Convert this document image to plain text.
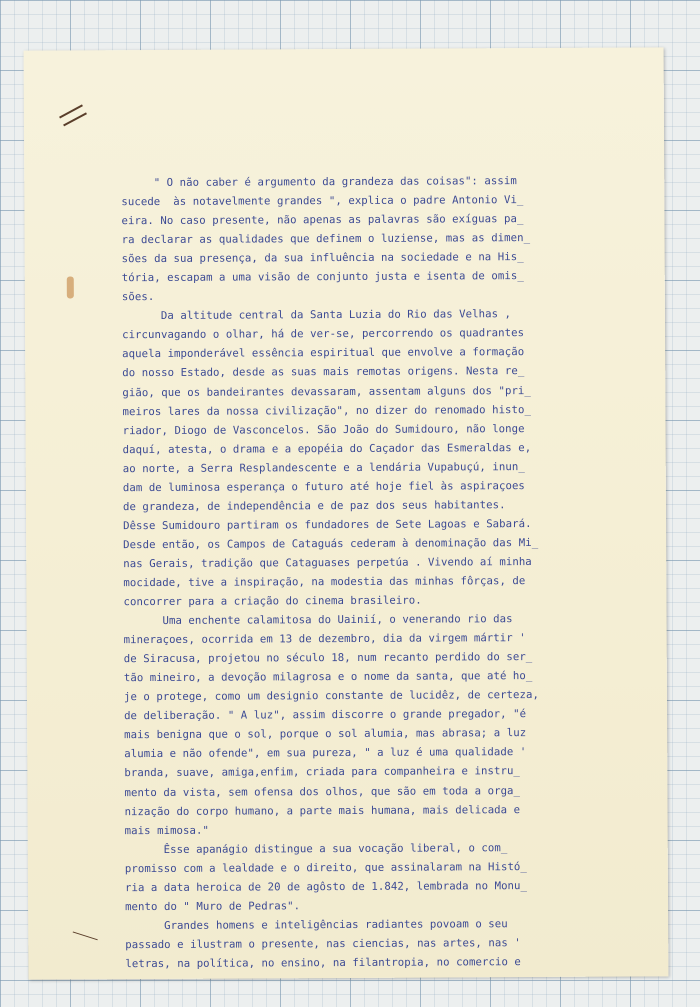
" O não caber é argumento da grandeza das coisas": assim
sucede  às notavelmente grandes ", explica o padre Antonio Vi_
eira. No caso presente, não apenas as palavras são exíguas pa_
ra declarar as qualidades que definem o luziense, mas as dimen_
sões da sua presença, da sua influência na sociedade e na His_
tória, escapam a uma visão de conjunto justa e isenta de omis_
sões.
Da altitude central da Santa Luzia do Rio das Velhas ,
circunvagando o olhar, há de ver-se, percorrendo os quadrantes
aquela imponderável essência espiritual que envolve a formação
do nosso Estado, desde as suas mais remotas origens. Nesta re_
gião, que os bandeirantes devassaram, assentam alguns dos "pri_
meiros lares da nossa civilização", no dizer do renomado histo_
riador, Diogo de Vasconcelos. São João do Sumidouro, não longe
daquí, atesta, o drama e a epopéia do Caçador das Esmeraldas e,
ao norte, a Serra Resplandescente e a lendária Vupabuçú, inun_
dam de luminosa esperança o futuro até hoje fiel às aspiraçoes
de grandeza, de independência e de paz dos seus habitantes.
Dêsse Sumidouro partiram os fundadores de Sete Lagoas e Sabará.
Desde então, os Campos de Cataguás cederam à denominação das Mi_
nas Gerais, tradição que Cataguases perpetúa . Vivendo aí minha
mocidade, tive a inspiração, na modestia das minhas fôrças, de
concorrer para a criação do cinema brasileiro.
Uma enchente calamitosa do Uainií, o venerando rio das
mineraçoes, ocorrida em 13 de dezembro, dia da virgem mártir '
de Siracusa, projetou no século 18, num recanto perdido do ser_
tão mineiro, a devoção milagrosa e o nome da santa, que até ho_
je o protege, como um designio constante de lucidêz, de certeza,
de deliberação. " A luz", assim discorre o grande pregador, "é
mais benigna que o sol, porque o sol alumia, mas abrasa; a luz
alumia e não ofende", em sua pureza, " a luz é uma qualidade '
branda, suave, amiga,enfim, criada para companheira e instru_
mento da vista, sem ofensa dos olhos, que são em toda a orga_
nização do corpo humano, a parte mais humana, mais delicada e
mais mimosa."
Êsse apanágio distingue a sua vocação liberal, o com_
promisso com a lealdade e o direito, que assinalaram na Histó_
ria a data heroica de 20 de agôsto de 1.842, lembrada no Monu_
mento do " Muro de Pedras".
Grandes homens e inteligências radiantes povoam o seu
passado e ilustram o presente, nas ciencias, nas artes, nas '
letras, na política, no ensino, na filantropia, no comercio e
